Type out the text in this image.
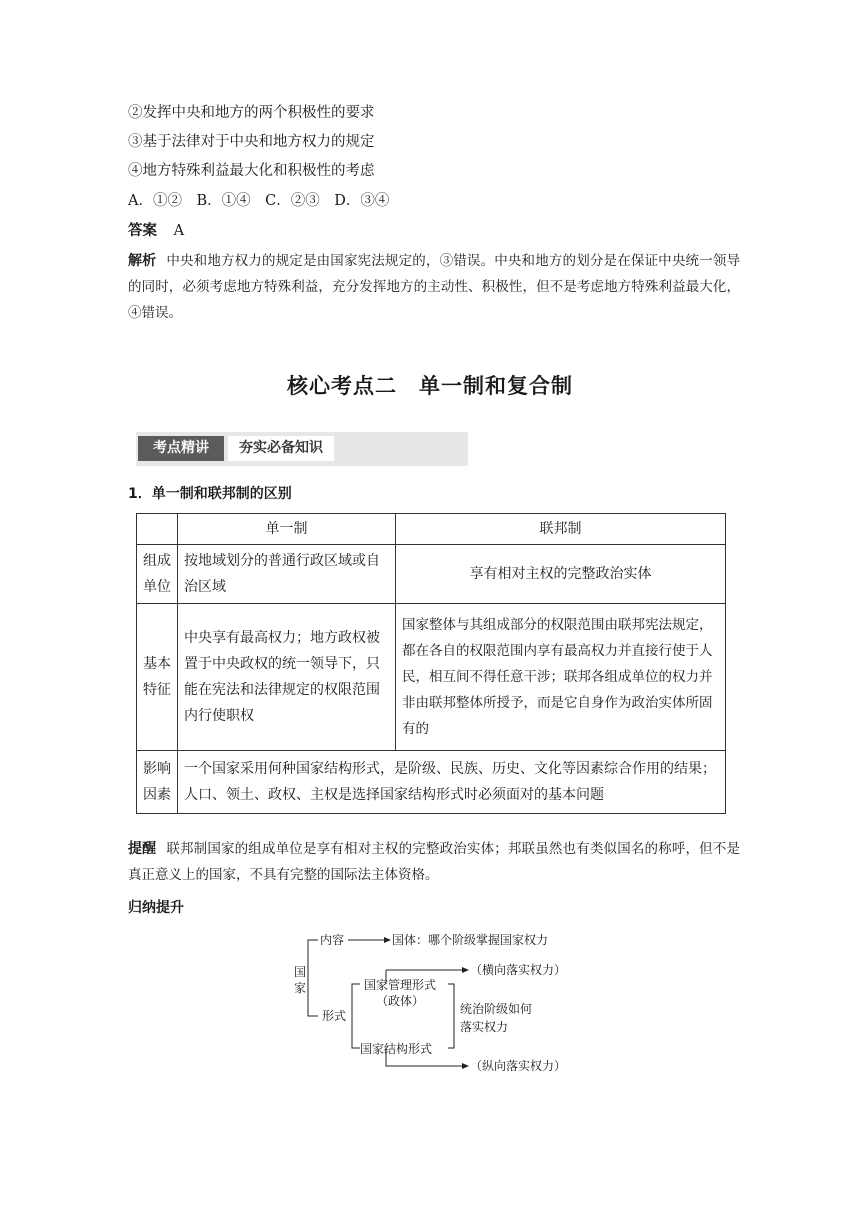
②发挥中央和地方的两个积极性的要求
③基于法律对于中央和地方权力的规定
④地方特殊利益最大化和积极性的考虑
A．①②　B．①④　C．②③　D．③④
答案 A
解析 中央和地方权力的规定是由国家宪法规定的，③错误。中央和地方的划分是在保证中央统一领导的同时，必须考虑地方特殊利益，充分发挥地方的主动性、积极性，但不是考虑地方特殊利益最大化，④错误。
核心考点二 单一制和复合制
考点精讲	夯实必备知识
1．单一制和联邦制的区别
	单一制	联邦制

组成单位	按地域划分的普通行政区域或自治区域	享有相对主权的完整政治实体

基本特征	中央享有最高权力；地方政权被置于中央政权的统一领导下，只能在宪法和法律规定的权限范围内行使职权	国家整体与其组成部分的权限范围由联邦宪法规定，都在各自的权限范围内享有最高权力并直接行使于人民，相互间不得任意干涉；联邦各组成单位的权力并非由联邦整体所授予，而是它自身作为政治实体所固有的

影响因素	一个国家采用何种国家结构形式，是阶级、民族、历史、文化等因素综合作用的结果；人口、领土、政权、主权是选择国家结构形式时必须面对的基本问题	
提醒 联邦制国家的组成单位是享有相对主权的完整政治实体；邦联虽然也有类似国名的称呼，但不是真正意义上的国家，不具有完整的国际法主体资格。
归纳提升
国家
内容	国体：哪个阶级掌握国家权力
形式
国家管理形式
（政体）
（横向落实权力）
统治阶级如何
落实权力
国家结构形式
（纵向落实权力）
